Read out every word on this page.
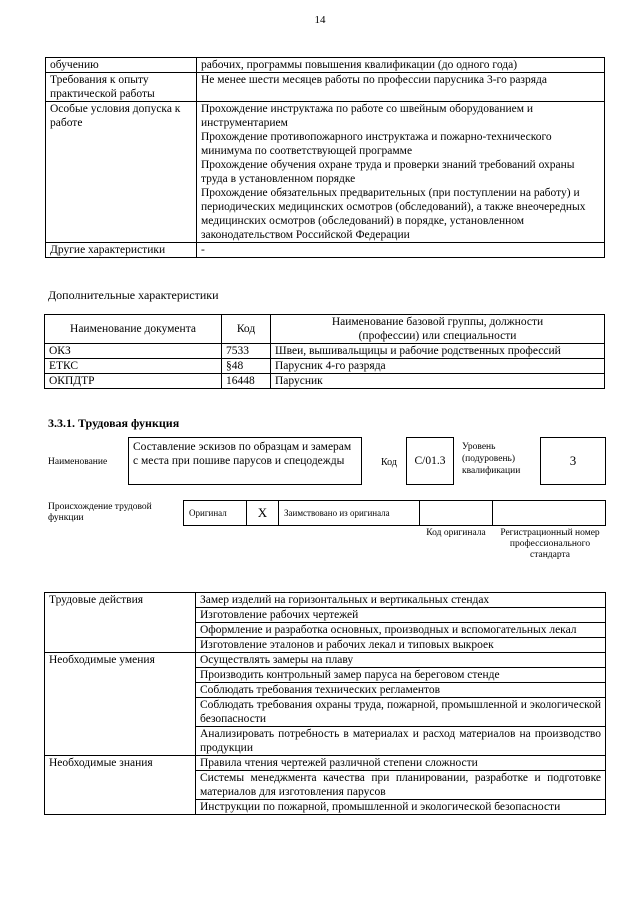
14
обучению	рабочих, программы повышения квалификации (до одного года)
Требования к опыту практической работы	Не менее шести месяцев работы по профессии парусника 3-го разряда
Особые условия допуска к работе	Прохождение инструктажа по работе со швейным оборудованием и инструментарием
Прохождение противопожарного инструктажа и пожарно-технического минимума по соответствующей программе
Прохождение обучения охране труда и проверки знаний требований охраны труда в установленном порядке
Прохождение обязательных предварительных (при поступлении на работу) и периодических медицинских осмотров (обследований), а также внеочередных медицинских осмотров (обследований) в порядке, установленном законодательством Российской Федерации

Другие характеристики	-
Дополнительные характеристики
Наименование документа	Код	Наименование базовой группы, должности (профессии) или специальности
ОКЗ	7533	Швеи, вышивальщицы и рабочие родственных профессий
ЕТКС	§48	Парусник 4-го разряда
ОКПДТР	16448	Парусник
3.3.1. Трудовая функция
Наименование
Составление эскизов по образцам и замерам с места при пошиве парусов и спецодежды	Код	C/01.3
Уровень (подуровень) квалификации
3
Происхождение трудовой функции	Оригинал	X	Заимствовано из оригинала
Код оригинала Регистрационный номер профессионального стандарта
Трудовые действия	Замер изделий на горизонтальных и вертикальных стендах
	Изготовление рабочих чертежей
	Оформление и разработка основных, производных и вспомогательных лекал
	Изготовление эталонов и рабочих лекал и типовых выкроек
Необходимые умения	Осуществлять замеры на плаву
	Производить контрольный замер паруса на береговом стенде
	Соблюдать требования технических регламентов
	Соблюдать требования охраны труда, пожарной, промышленной и экологической безопасности
	Анализировать потребность в материалах и расход материалов на производство продукции
Необходимые знания	Правила чтения чертежей различной степени сложности
	Системы менеджмента качества при планировании, разработке и подготовке материалов для изготовления парусов
	Инструкции по пожарной, промышленной и экологической безопасности
